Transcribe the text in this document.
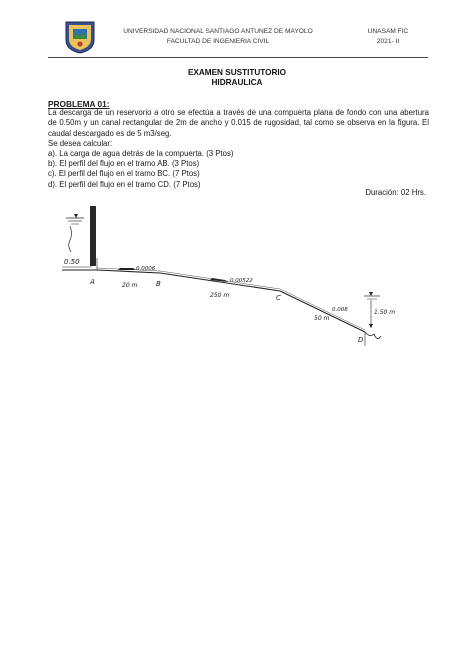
UNIVERSIDAD NACIONAL SANTIAGO ANTUNEZ DE MAYOLO
FACULTAD DE INGENIERIA CIVIL
UNASAM FIC
2021- II
EXAMEN SUSTITUTORIO
HIDRAULICA
PROBLEMA 01:
La descarga de un reservorio a otro se efectúa a través de una compuerta plana de fondo con una abertura de 0.50m y un canal rectangular de 2m de ancho y 0.015 de rugosidad, tal como se observa en la figura. El caudal descargado es de 5 m3/seg.
Se desea calcular:
a). La carga de agua detrás de la compuerta. (3 Ptos)
b). El perfil del flujo en el tramo AB. (3 Ptos)
c). El perfil del flujo en el tramo BC. (7 Ptos)
d). El perfil del flujo en el tramo CD. (7 Ptos)
Duración: 02 Hrs.
0.50
0.0006
0.00522
0.008
20 m
250 m
50 m
A	B
C
D
1.50 m
